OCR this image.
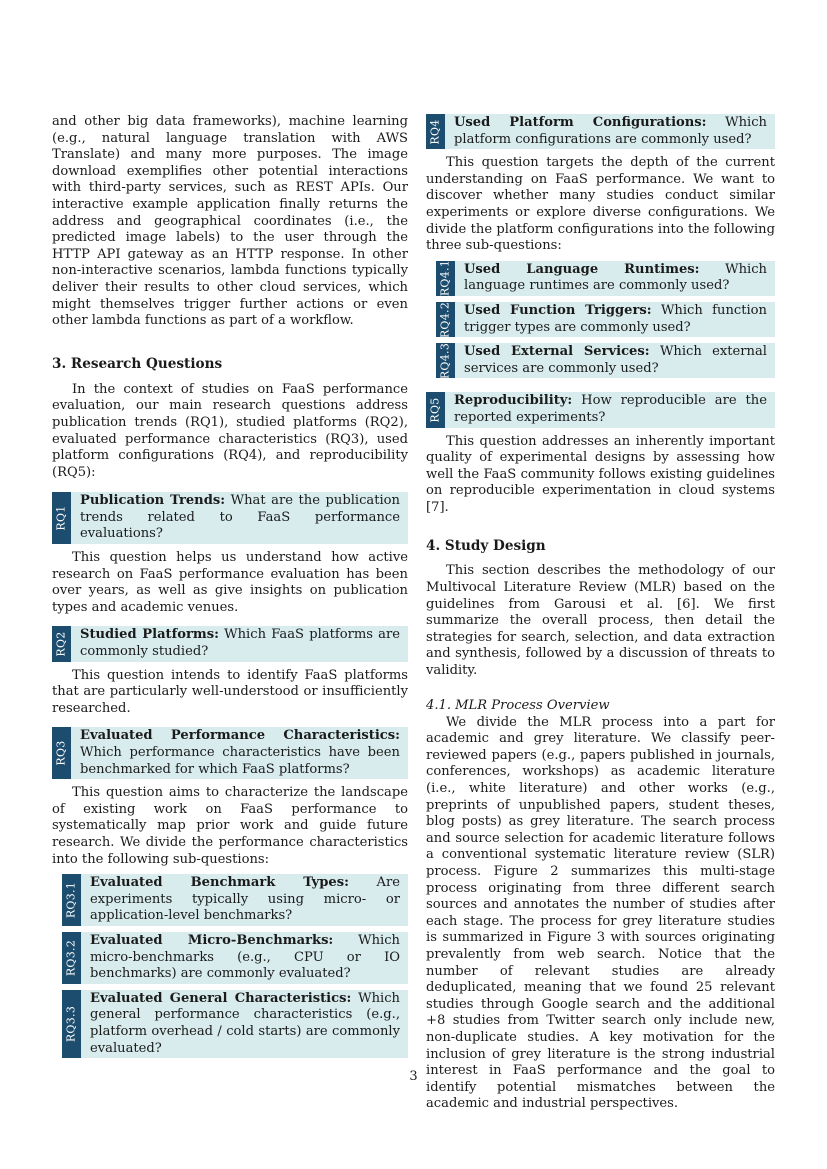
and other big data frameworks), machine learning (e.g., natural language translation with AWS Translate) and many more purposes. The image download exemplifies other potential interactions with third-party services, such as REST APIs. Our interactive example application finally returns the address and geographical coordinates (i.e., the predicted image labels) to the user through the HTTP API gateway as an HTTP response. In other non-interactive scenarios, lambda functions typically deliver their results to other cloud services, which might themselves trigger further actions or even other lambda functions as part of a workflow.

3. Research Questions

In the context of studies on FaaS performance evaluation, our main research questions address publication trends (RQ1), studied platforms (RQ2), evaluated performance characteristics (RQ3), used platform configurations (RQ4), and reproducibility (RQ5):

RQ1
Publication Trends: What are the publication trends related to FaaS performance evaluations?

This question helps us understand how active research on FaaS performance evaluation has been over years, as well as give insights on publication types and academic venues.

RQ2 Studied Platforms: Which FaaS platforms are commonly studied?

This question intends to identify FaaS platforms that are particularly well-understood or insufficiently researched.

RQ3
Evaluated Performance Characteristics: Which performance characteristics have been benchmarked for which FaaS platforms?

This question aims to characterize the landscape of existing work on FaaS performance to systematically map prior work and guide future research. We divide the performance characteristics into the following sub-questions:

RQ3.1 Evaluated Benchmark Types: Are experiments typically using micro- or application-level benchmarks?
RQ3.2 Evaluated Micro-Benchmarks: Which micro-benchmarks (e.g., CPU or IO benchmarks) are commonly evaluated?
RQ3.3
Evaluated General Characteristics: Which general performance characteristics (e.g., platform overhead / cold starts) are commonly evaluated?
RQ4 Used Platform Configurations: Which platform configurations are commonly used?

This question targets the depth of the current understanding on FaaS performance. We want to discover whether many studies conduct similar experiments or explore diverse configurations. We divide the platform configurations into the following three sub-questions:

RQ4.1 Used Language Runtimes: Which language runtimes are commonly used?
RQ4.2 Used Function Triggers: Which function trigger types are commonly used?
RQ4.3 Used External Services: Which external services are commonly used?
RQ5 Reproducibility: How reproducible are the reported experiments?

This question addresses an inherently important quality of experimental designs by assessing how well the FaaS community follows existing guidelines on reproducible experimentation in cloud systems [7].

4. Study Design

This section describes the methodology of our Multivocal Literature Review (MLR) based on the guidelines from Garousi et al. [6]. We first summarize the overall process, then detail the strategies for search, selection, and data extraction and synthesis, followed by a discussion of threats to validity.

4.1. MLR Process Overview

We divide the MLR process into a part for academic and grey literature. We classify peer-reviewed papers (e.g., papers published in journals, conferences, workshops) as academic literature (i.e., white literature) and other works (e.g., preprints of unpublished papers, student theses, blog posts) as grey literature. The search process and source selection for academic literature follows a conventional systematic literature review (SLR) process. Figure 2 summarizes this multi-stage process originating from three different search sources and annotates the number of studies after each stage. The process for grey literature studies is summarized in Figure 3 with sources originating prevalently from web search. Notice that the number of relevant studies are already deduplicated, meaning that we found 25 relevant studies through Google search and the additional +8 studies from Twitter search only include new, non-duplicate studies. A key motivation for the inclusion of grey literature is the strong industrial interest in FaaS performance and the goal to identify potential mismatches between the academic and industrial perspectives.

3
